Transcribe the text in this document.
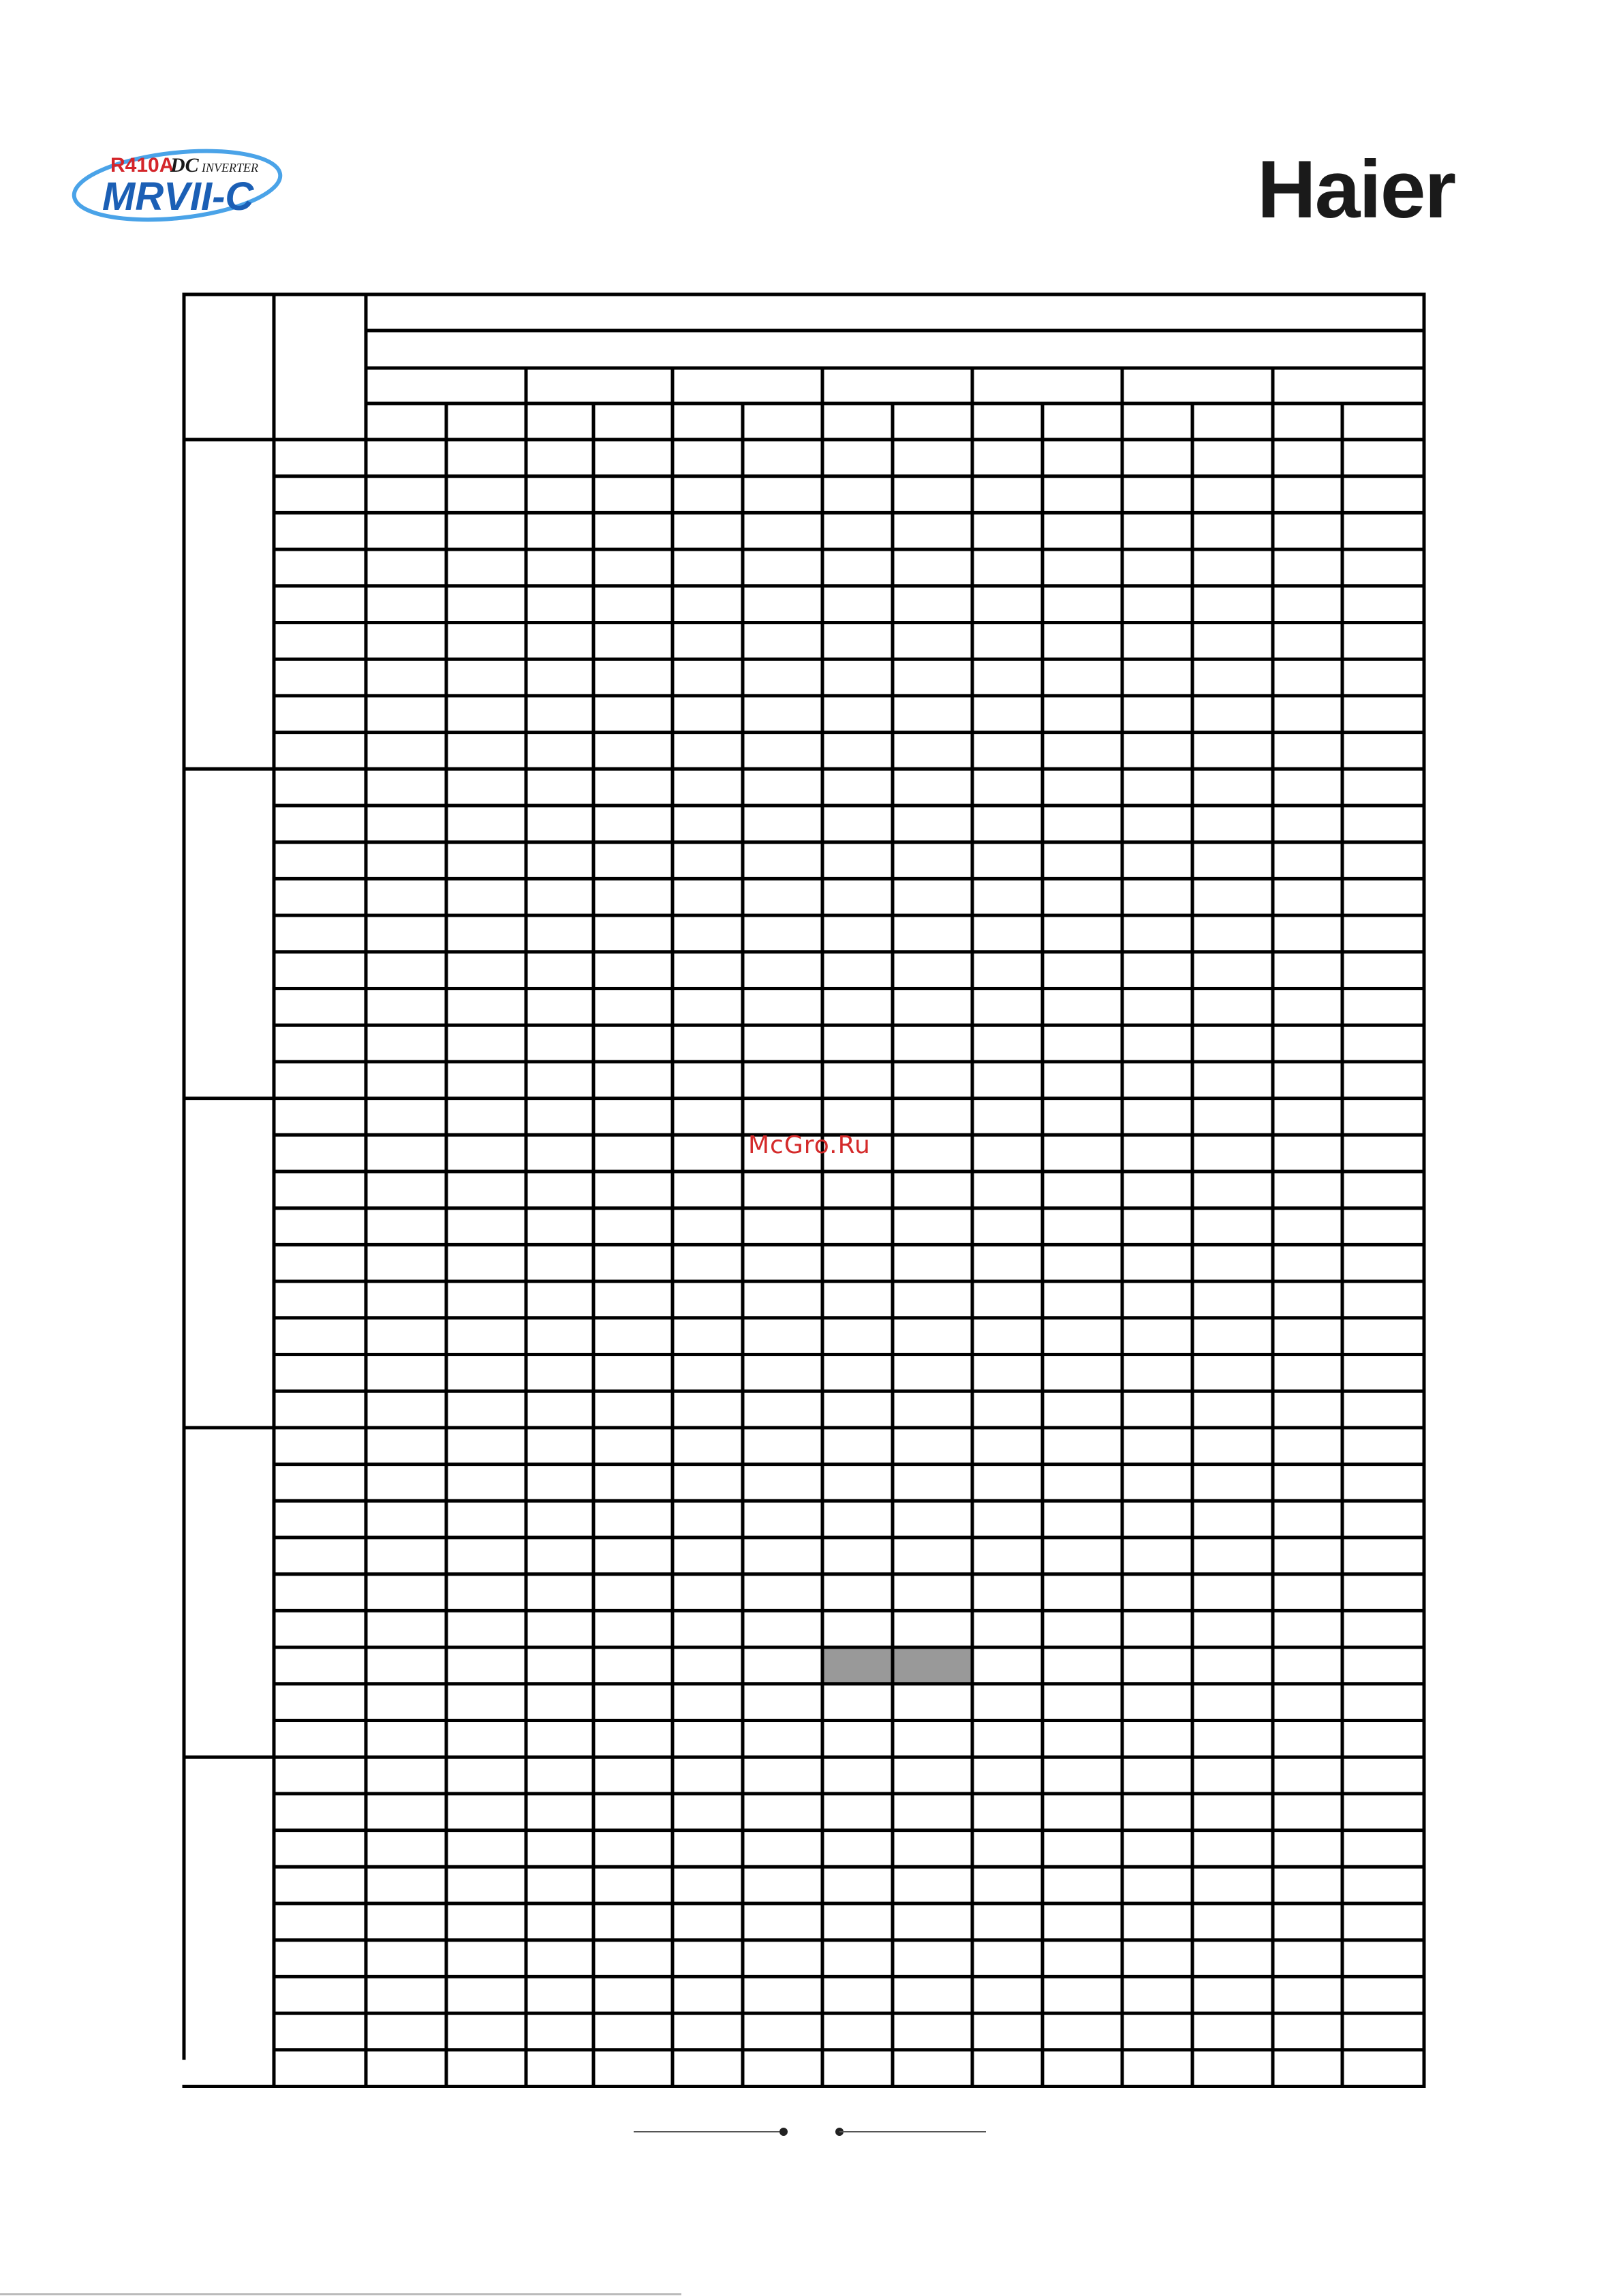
R410A
DC INVERTER
MRVII-C	Haier
McGro.Ru
